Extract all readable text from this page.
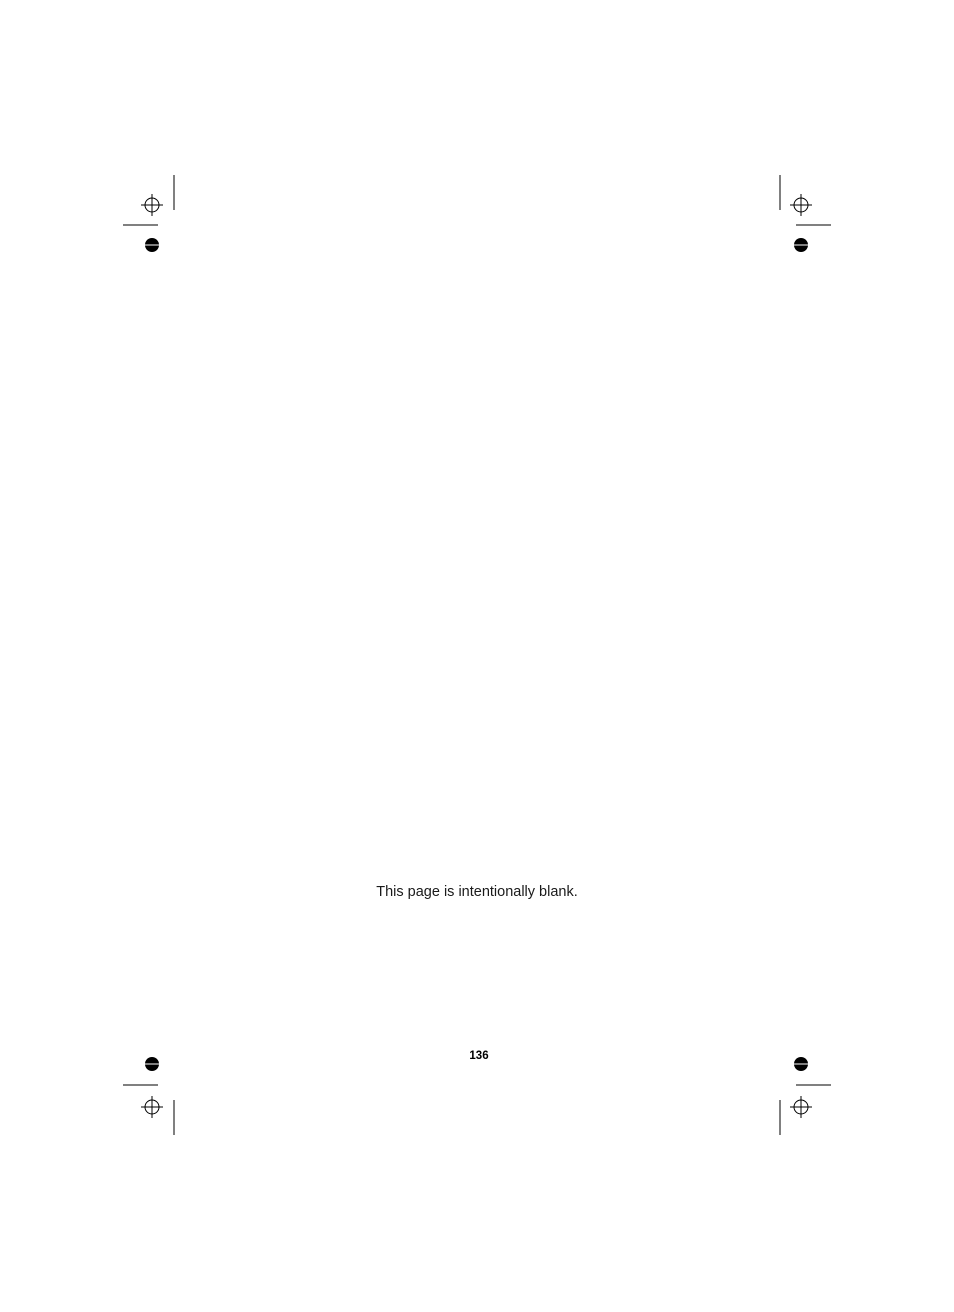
This page is intentionally blank.

136
